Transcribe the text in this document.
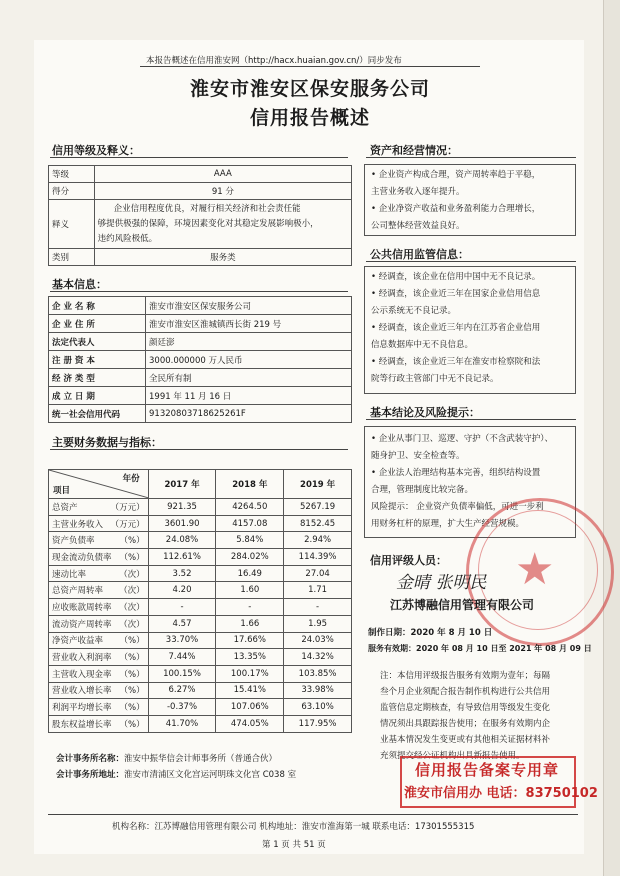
本报告概述在信用淮安网（http://hacx.huaian.gov.cn/）同步发布
淮安市淮安区保安服务公司
信用报告概述
信用等级及释义：
等级	AAA
得分	91 分
释义	企业信用程度优良，对履行相关经济和社会责任能
够提供极强的保障，环境因素变化对其稳定发展影响极小，
违约风险极低。

类别	服务类
基本信息：
企 业 名 称	淮安市淮安区保安服务公司
企 业 住 所	淮安市淮安区淮城镇西长街 219 号
法定代表人	颜廷澎
注 册 资 本	3000.000000 万人民币
经 济 类 型	全民所有制
成 立 日 期	1991 年 11 月 16 日
统一社会信用代码	91320803718625261F
主要财务数据与指标：
年份
项目	2017 年	2018 年	2019 年
总资产 （万元）	921.35	4264.50	5267.19
主营业务收入 （万元）	3601.90	4157.08	8152.45
资产负债率 （%）	24.08%	5.84%	2.94%
现金流动负债率 （%）	112.61%	284.02%	114.39%
速动比率 （次）	3.52	16.49	27.04
总资产周转率 （次）	4.20	1.60	1.71
应收账款周转率 （次）	-	-	-
流动资产周转率 （次）	4.57	1.66	1.95
净资产收益率 （%）	33.70%	17.66%	24.03%
营业收入利润率 （%）	7.44%	13.35%	14.32%
主营收入现金率 （%）	100.15%	100.17%	103.85%
营业收入增长率 （%）	6.27%	15.41%	33.98%
利润平均增长率 （%）	-0.37%	107.06%	63.10%
股东权益增长率 （%）	41.70%	474.05%	117.95%
会计事务所名称：淮安中振华信会计师事务所（普通合伙）
会计事务所地址：淮安市清浦区文化宫运河明珠文化宫 C038 室
资产和经营情况：
• 企业资产构成合理，资产周转率趋于平稳，
主营业务收入逐年提升。
• 企业净资产收益和业务盈利能力合理增长，
公司整体经营效益良好。
公共信用监管信息：
• 经调查，该企业在信用中国中无不良记录。
• 经调查，该企业近三年在国家企业信用信息
公示系统无不良记录。
• 经调查，该企业近三年内在江苏省企业信用
信息数据库中无不良信息。
• 经调查，该企业近三年在淮安市检察院和法
院等行政主管部门中无不良记录。
基本结论及风险提示：
• 企业从事门卫、巡逻、守护（不含武装守护）、
随身护卫、安全检查等。
• 企业法人治理结构基本完善，组织结构设置
合理，管理制度比较完备。
风险提示： 企业资产负债率偏低，可进一步利
用财务杠杆的原理，扩大生产经营规模。
★
信用评级人员：
金晴 张明民
江苏博融信用管理有限公司
制作日期：2020 年 8 月 10 日
服务有效期：2020 年 08 月 10 日至 2021 年 08 月 09 日
注：本信用评级报告服务有效期为壹年；每隔
叁个月企业须配合报告制作机构进行公共信用
监管信息定期核查，有导致信用等级发生变化
情况须出具跟踪报告使用；在服务有效期内企
业基本情况发生变更或有其他相关证据材料补
充须提交经公证机构出具新报告使用。
信用报告备案专用章
淮安市信用办 电话：83750102
机构名称：江苏博融信用管理有限公司 机构地址：淮安市淮海第一城 联系电话：17301555315
第 1 页 共 51 页
